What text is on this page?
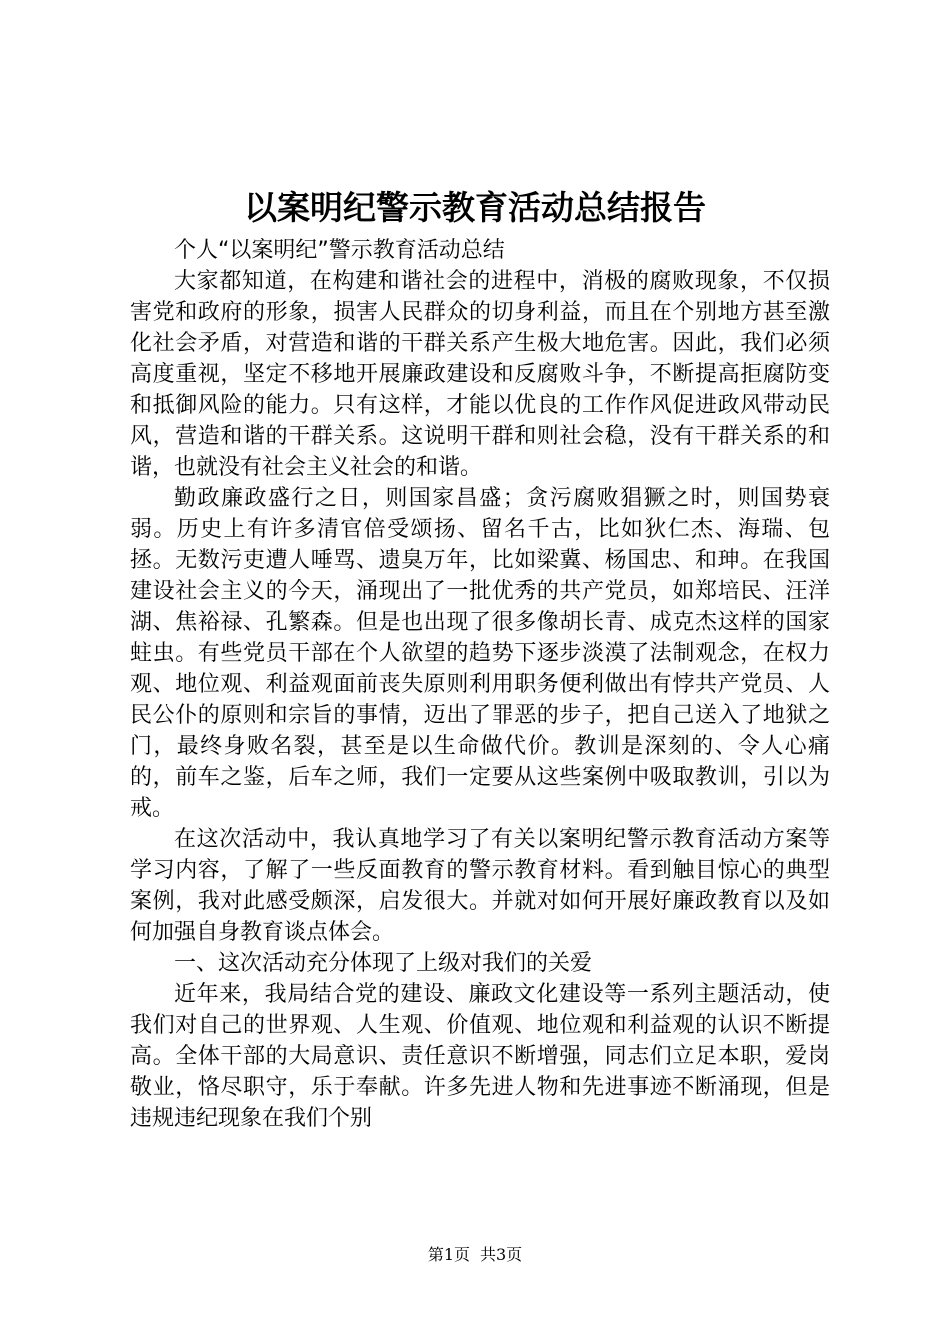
以案明纪警示教育活动总结报告

个人“以案明纪”警示教育活动总结

大家都知道，在构建和谐社会的进程中，消极的腐败现象，不仅损害党和政府的形象，损害人民群众的切身利益，而且在个别地方甚至激化社会矛盾，对营造和谐的干群关系产生极大地危害。因此，我们必须高度重视，坚定不移地开展廉政建设和反腐败斗争，不断提高拒腐防变和抵御风险的能力。只有这样，才能以优良的工作作风促进政风带动民风，营造和谐的干群关系。这说明干群和则社会稳，没有干群关系的和谐，也就没有社会主义社会的和谐。

勤政廉政盛行之日，则国家昌盛；贪污腐败猖獗之时，则国势衰弱。历史上有许多清官倍受颂扬、留名千古，比如狄仁杰、海瑞、包拯。无数污吏遭人唾骂、遗臭万年，比如梁冀、杨国忠、和珅。在我国建设社会主义的今天，涌现出了一批优秀的共产党员，如郑培民、汪洋湖、焦裕禄、孔繁森。但是也出现了很多像胡长青、成克杰这样的国家蛀虫。有些党员干部在个人欲望的趋势下逐步淡漠了法制观念，在权力观、地位观、利益观面前丧失原则利用职务便利做出有悖共产党员、人民公仆的原则和宗旨的事情，迈出了罪恶的步子，把自己送入了地狱之门，最终身败名裂，甚至是以生命做代价。教训是深刻的、令人心痛的，前车之鉴，后车之师，我们一定要从这些案例中吸取教训，引以为戒。

在这次活动中，我认真地学习了有关以案明纪警示教育活动方案等学习内容，了解了一些反面教育的警示教育材料。看到触目惊心的典型案例，我对此感受颇深，启发很大。并就对如何开展好廉政教育以及如何加强自身教育谈点体会。

一、这次活动充分体现了上级对我们的关爱

近年来，我局结合党的建设、廉政文化建设等一系列主题活动，使我们对自己的世界观、人生观、价值观、地位观和利益观的认识不断提高。全体干部的大局意识、责任意识不断增强，同志们立足本职，爱岗敬业，恪尽职守，乐于奉献。许多先进人物和先进事迹不断涌现，但是违规违纪现象在我们个别

第1页 共3页
